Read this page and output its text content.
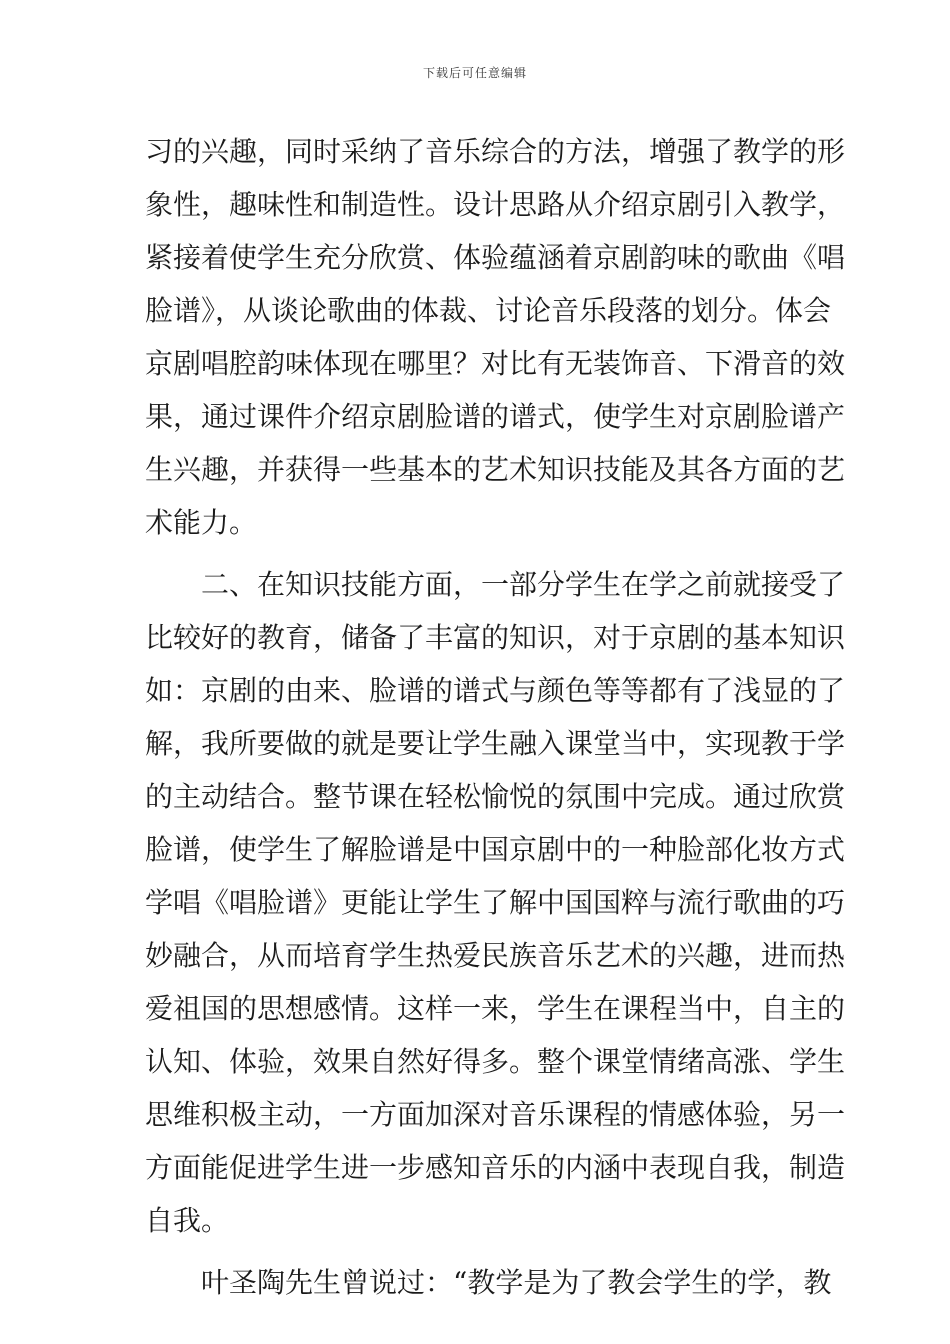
下载后可任意编辑
习的兴趣，同时采纳了音乐综合的方法，增强了教学的形
象性，趣味性和制造性。设计思路从介绍京剧引入教学，
紧接着使学生充分欣赏、体验蕴涵着京剧韵味的歌曲《唱
脸谱》，从谈论歌曲的体裁、讨论音乐段落的划分。体会
京剧唱腔韵味体现在哪里？对比有无装饰音、下滑音的效
果，通过课件介绍京剧脸谱的谱式，使学生对京剧脸谱产
生兴趣，并获得一些基本的艺术知识技能及其各方面的艺
术能力。
　　二、在知识技能方面，一部分学生在学之前就接受了
比较好的教育，储备了丰富的知识，对于京剧的基本知识
如：京剧的由来、脸谱的谱式与颜色等等都有了浅显的了
解，我所要做的就是要让学生融入课堂当中，实现教于学
的主动结合。整节课在轻松愉悦的氛围中完成。通过欣赏
脸谱，使学生了解脸谱是中国京剧中的一种脸部化妆方式
学唱《唱脸谱》更能让学生了解中国国粹与流行歌曲的巧
妙融合，从而培育学生热爱民族音乐艺术的兴趣，进而热
爱祖国的思想感情。这样一来，学生在课程当中，自主的
认知、体验，效果自然好得多。整个课堂情绪高涨、学生
思维积极主动，一方面加深对音乐课程的情感体验，另一
方面能促进学生进一步感知音乐的内涵中表现自我，制造
自我。
　　叶圣陶先生曾说过：“教学是为了教会学生的学，教
